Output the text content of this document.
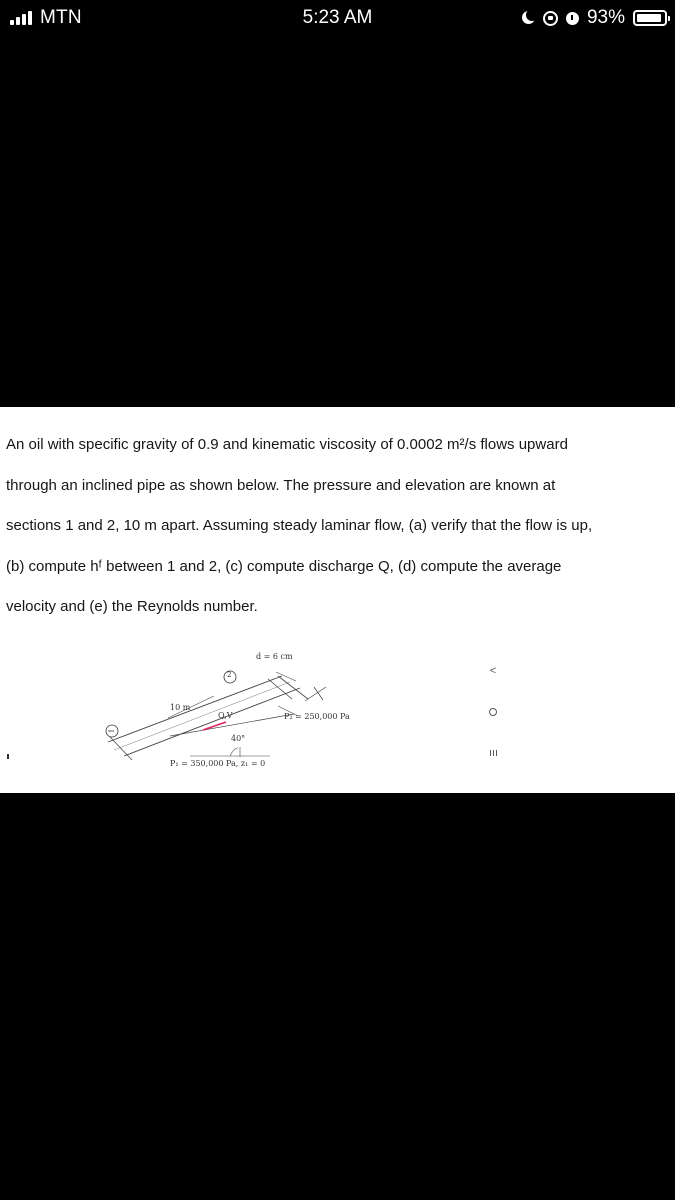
MTN	5:23 AM	93%
An oil with specific gravity of 0.9 and kinematic viscosity of 0.0002 m²/s flows upward
through an inclined pipe as shown below. The pressure and elevation are known at
sections 1 and 2, 10 m apart. Assuming steady laminar flow, (a) verify that the flow is up,
(b) compute hᶠ between 1 and 2, (c) compute discharge Q, (d) compute the average
velocity and (e) the Reynolds number.
d = 6 cm
2
10 m
Q,V	P₂ = 250,000 Pa
40°
P₁ = 350,000 Pa, z₁ = 0
<
